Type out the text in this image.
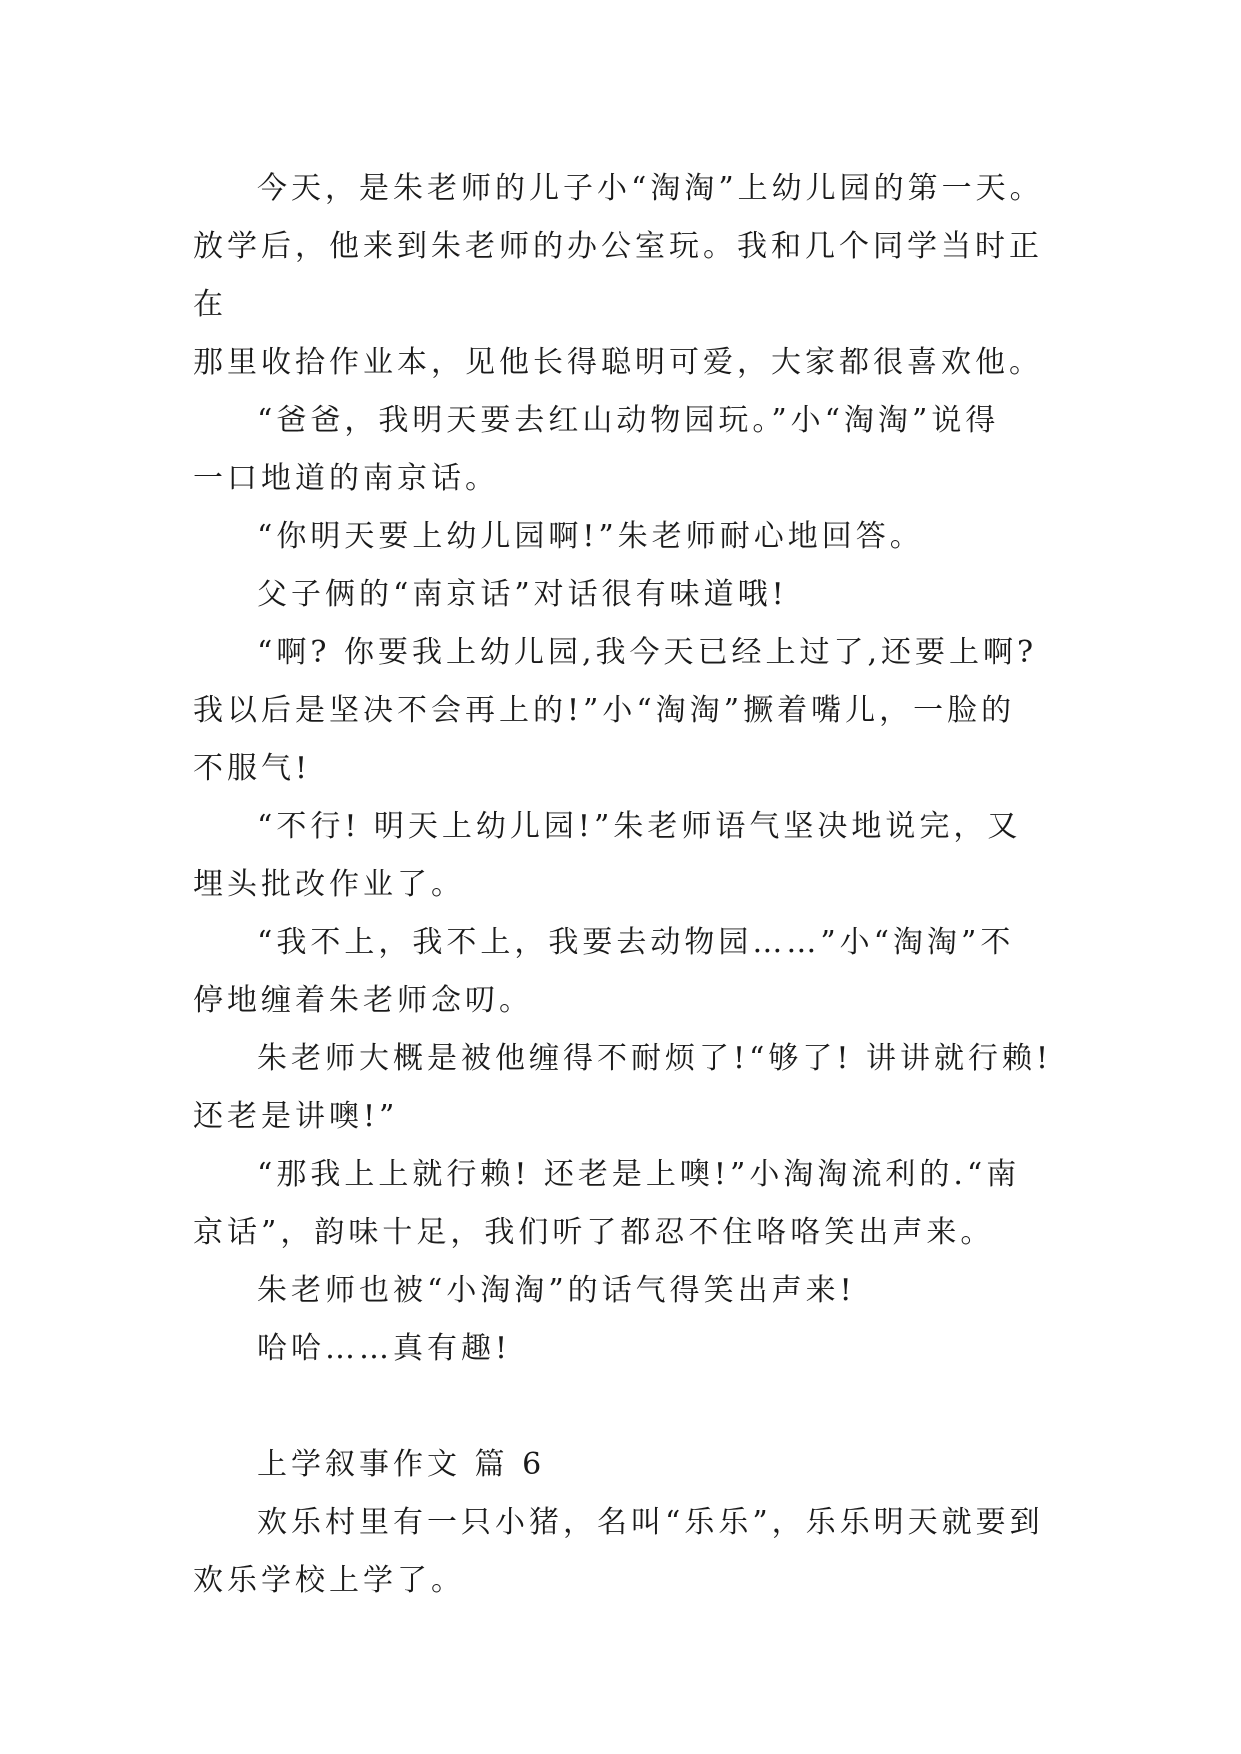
今天，是朱老师的儿子小“淘淘”上幼儿园的第一天。
放学后，他来到朱老师的办公室玩。我和几个同学当时正在
那里收拾作业本，见他长得聪明可爱，大家都很喜欢他。

“爸爸，我明天要去红山动物园玩。”小“淘淘”说得
一口地道的南京话。

“你明天要上幼儿园啊!”朱老师耐心地回答。

父子俩的“南京话”对话很有味道哦!

“啊? 你要我上幼儿园,我今天已经上过了,还要上啊?
我以后是坚决不会再上的!”小“淘淘”撅着嘴儿，一脸的
不服气!

“不行! 明天上幼儿园!”朱老师语气坚决地说完，又
埋头批改作业了。

“我不上，我不上，我要去动物园……”小“淘淘”不
停地缠着朱老师念叨。

朱老师大概是被他缠得不耐烦了!“够了! 讲讲就行赖!
还老是讲噢!”

“那我上上就行赖! 还老是上噢!”小淘淘流利的.“南
京话”，韵味十足，我们听了都忍不住咯咯笑出声来。

朱老师也被“小淘淘”的话气得笑出声来!

哈哈……真有趣!

上学叙事作文 篇 6

欢乐村里有一只小猪，名叫“乐乐”，乐乐明天就要到
欢乐学校上学了。
